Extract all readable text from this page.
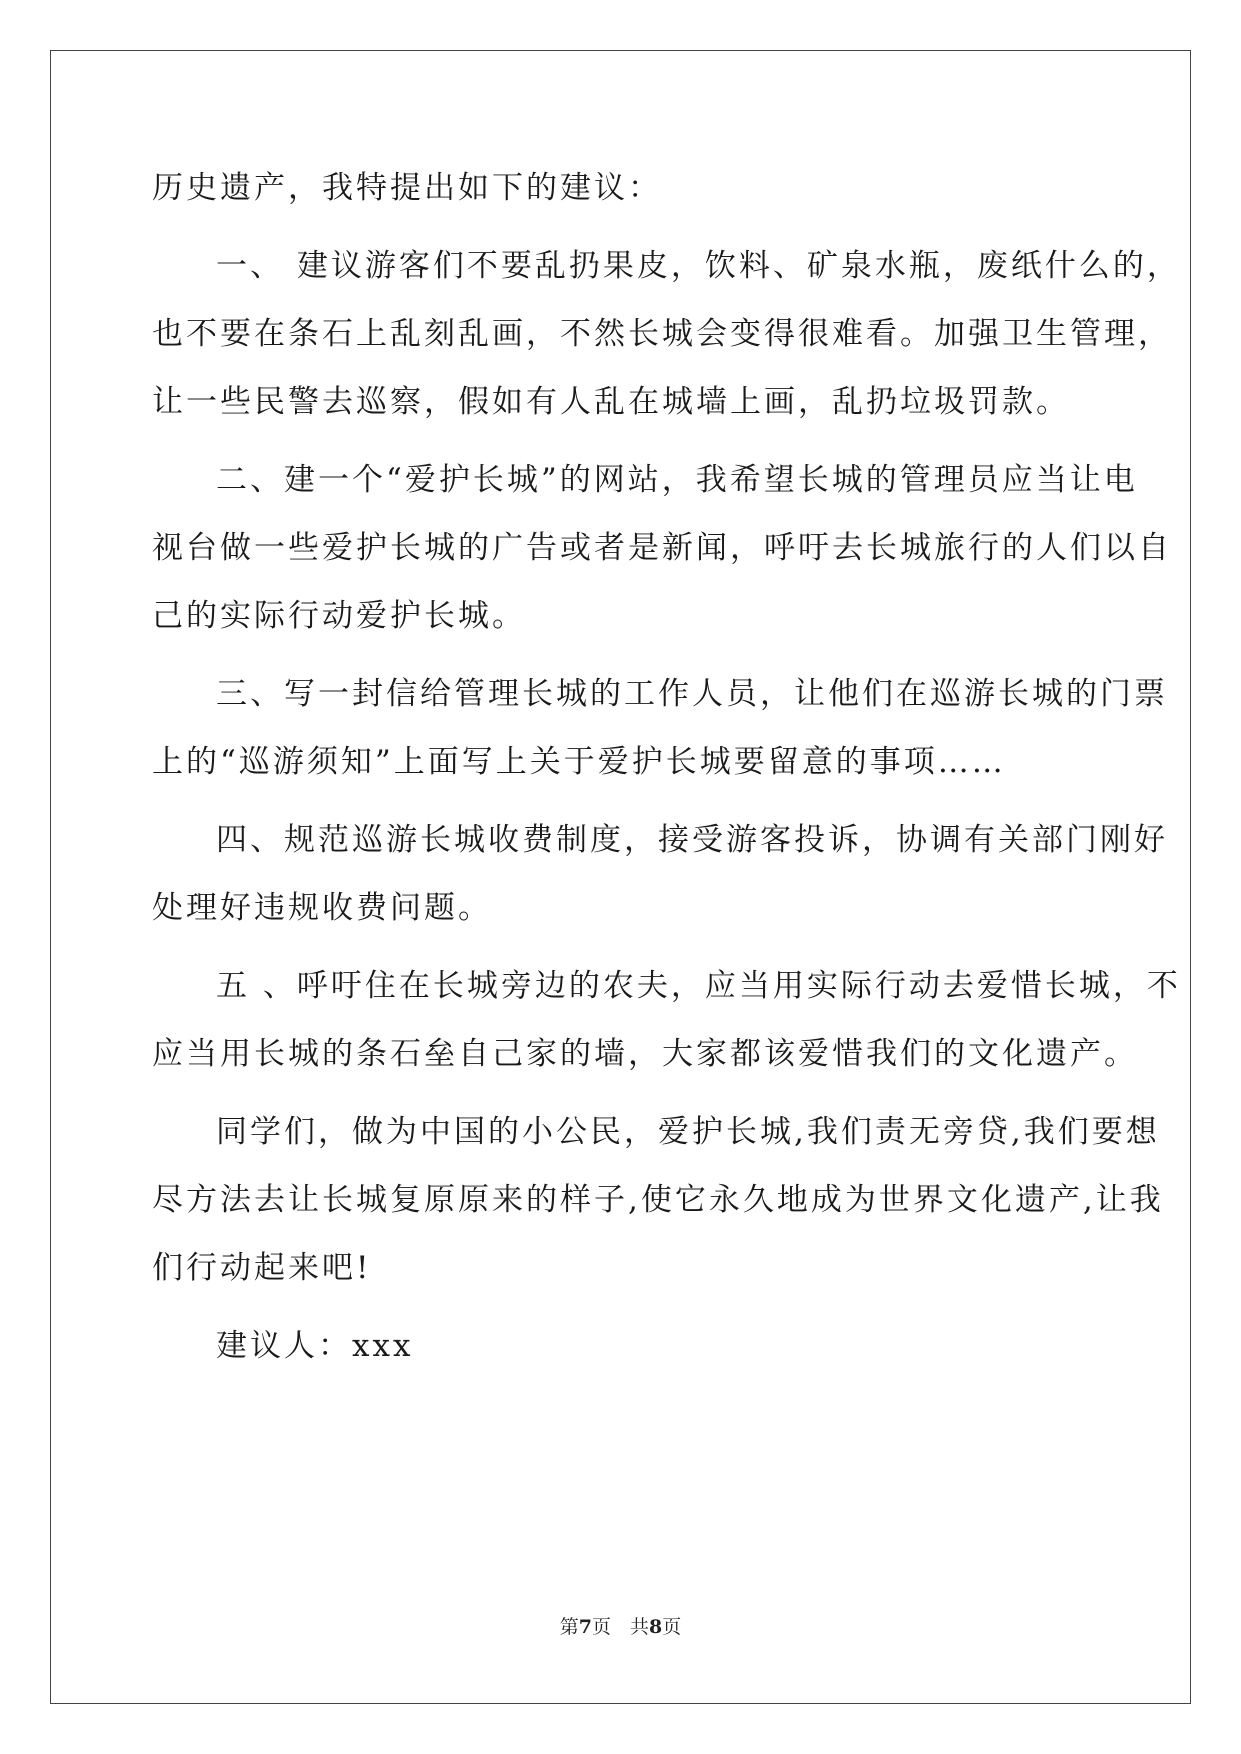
历史遗产，我特提出如下的建议：
一、 建议游客们不要乱扔果皮，饮料、矿泉水瓶，废纸什么的，
也不要在条石上乱刻乱画，不然长城会变得很难看。加强卫生管理，
让一些民警去巡察，假如有人乱在城墙上画，乱扔垃圾罚款。
二、建一个“爱护长城”的网站，我希望长城的管理员应当让电
视台做一些爱护长城的广告或者是新闻，呼吁去长城旅行的人们以自
己的实际行动爱护长城。
三、写一封信给管理长城的工作人员，让他们在巡游长城的门票
上的“巡游须知”上面写上关于爱护长城要留意的事项……
四、规范巡游长城收费制度，接受游客投诉，协调有关部门刚好
处理好违规收费问题。
五 、呼吁住在长城旁边的农夫，应当用实际行动去爱惜长城，不
应当用长城的条石垒自己家的墙，大家都该爱惜我们的文化遗产。
同学们，做为中国的小公民，爱护长城,我们责无旁贷,我们要想
尽方法去让长城复原原来的样子,使它永久地成为世界文化遗产,让我
们行动起来吧!
建议人：xxx
第7页　共8页
